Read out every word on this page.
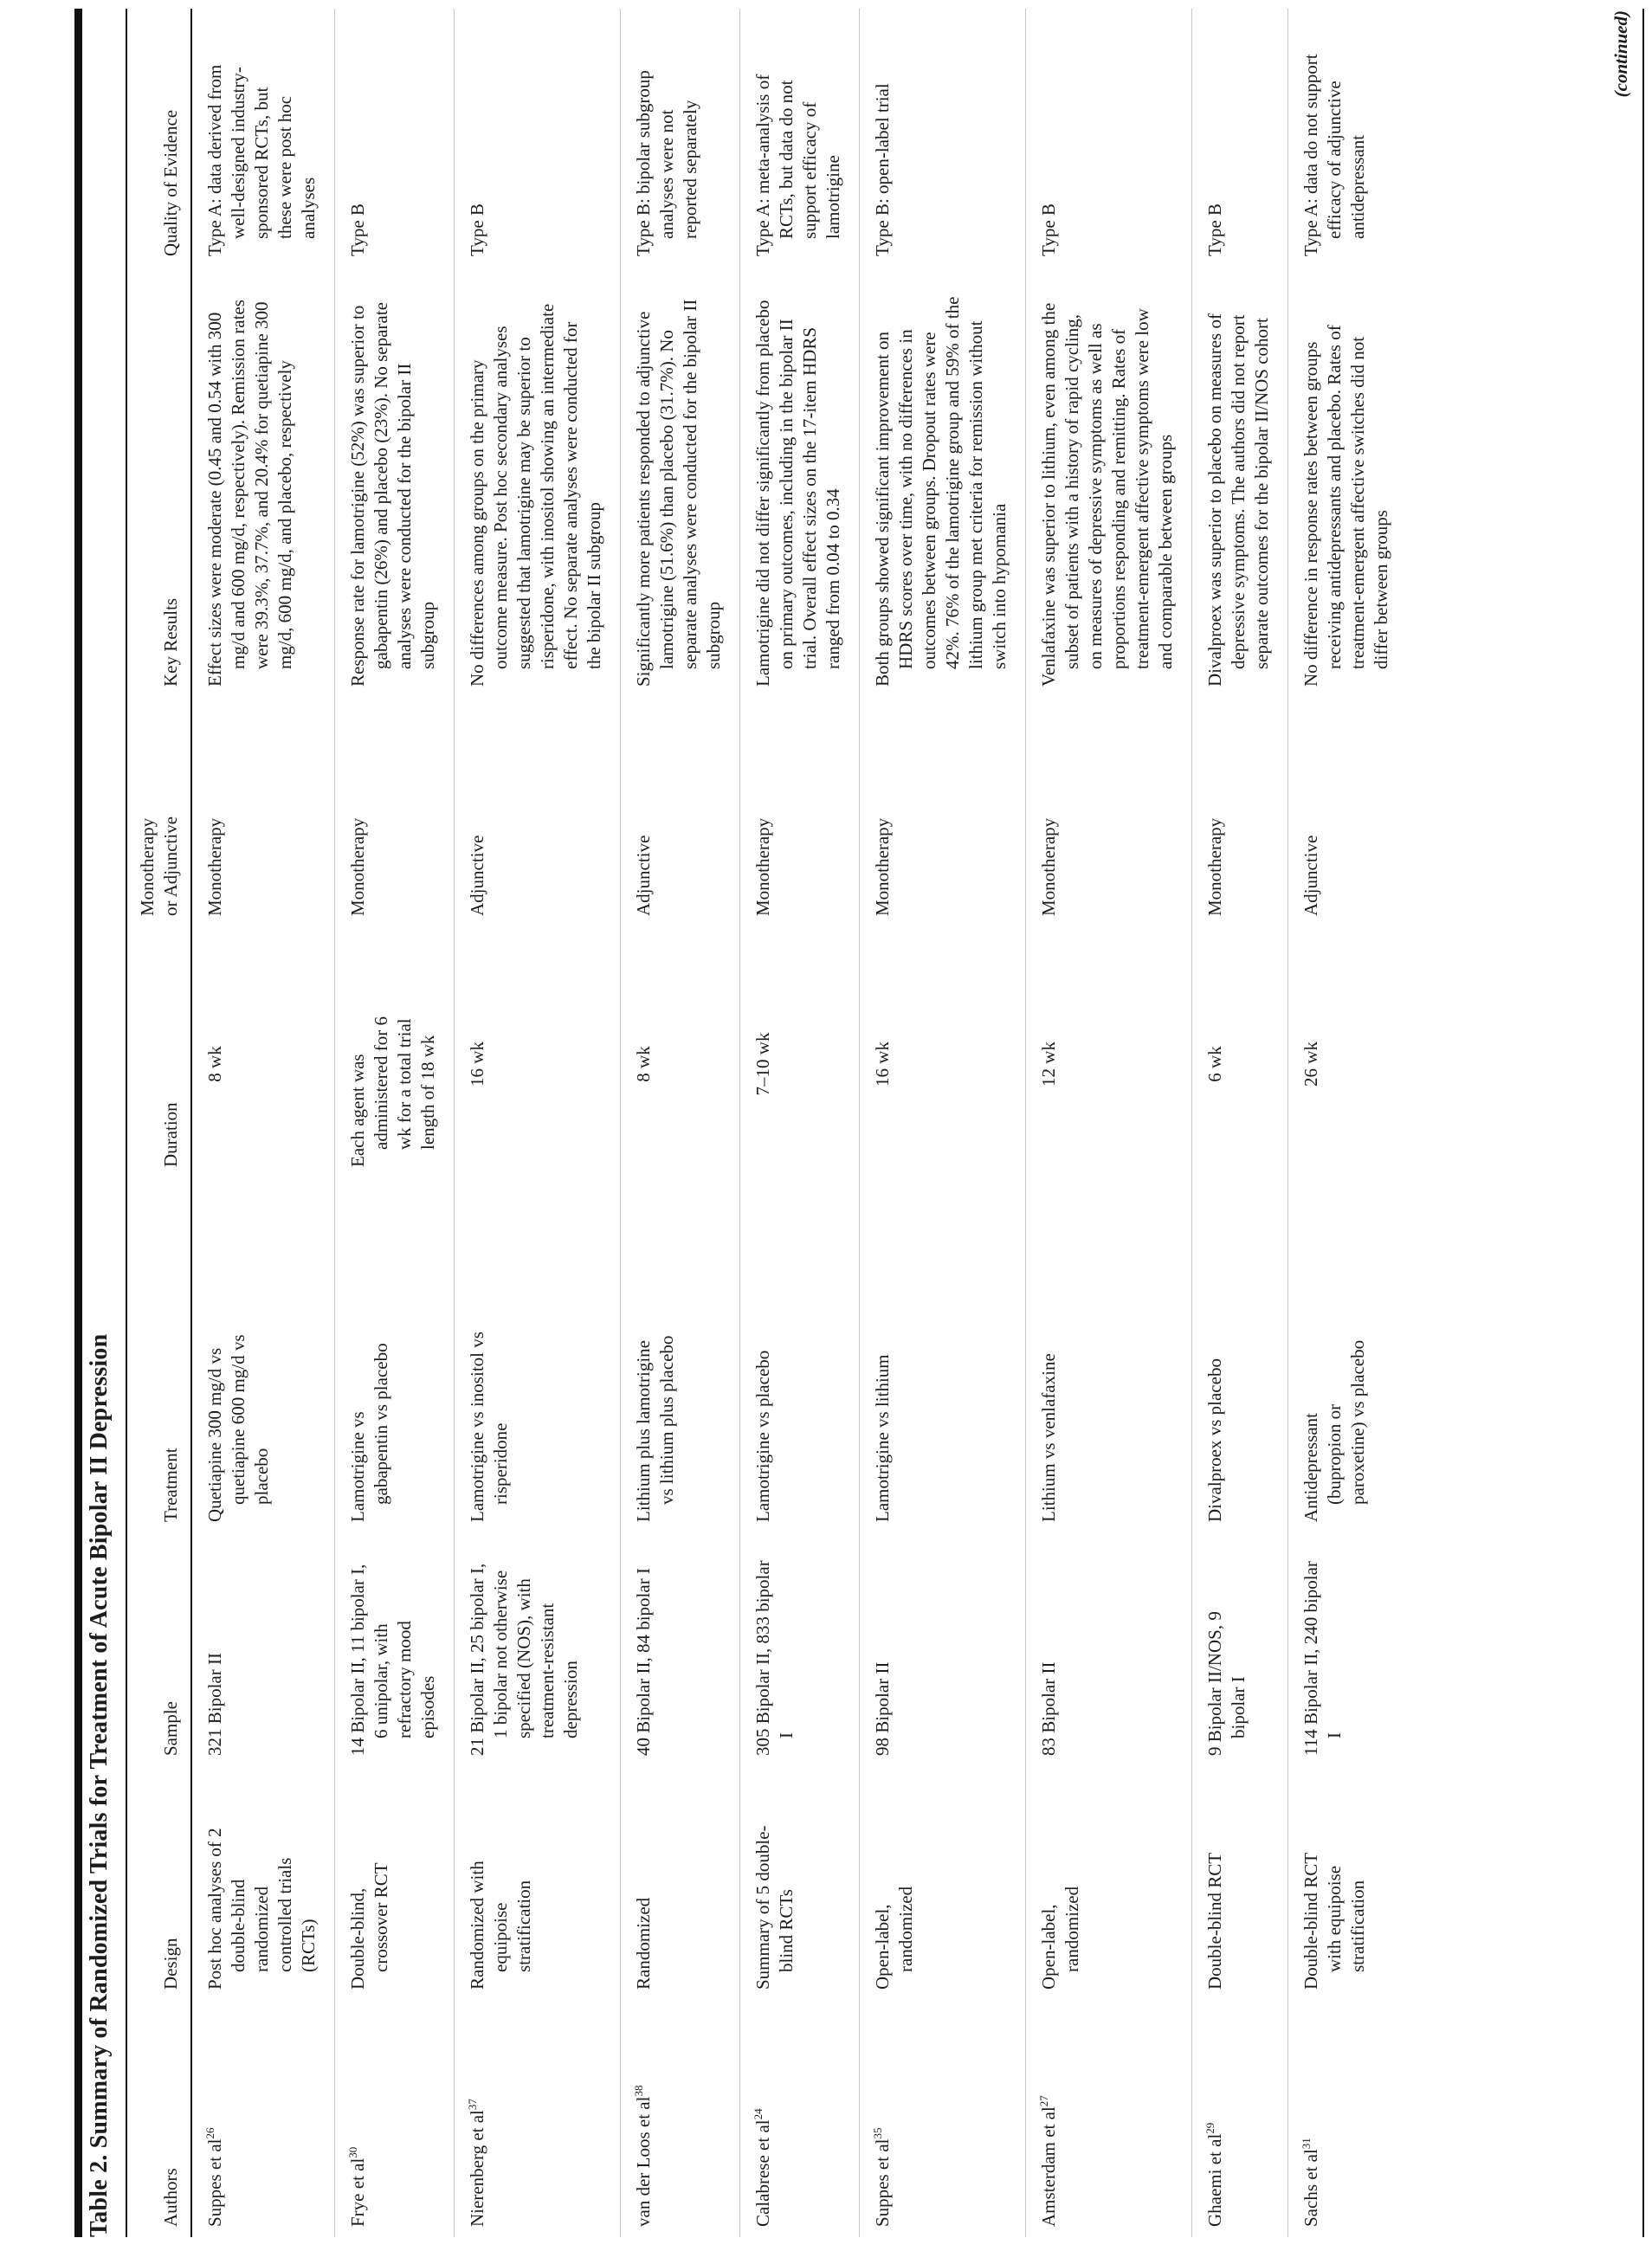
Table 2. Summary of Randomized Trials for Treatment of Acute Bipolar II Depression	Authors	Design	Sample	Treatment	Duration	Monotherapy or Adjunctive	Key Results	Quality of Evidence
Suppes et al$^{26}$	Post hoc analyses of 2 double-blind randomized controlled trials (RCTs)	321 Bipolar II	Quetiapine 300 mg/d vs quetiapine 600 mg/d vs placebo	8 wk	Monotherapy	Effect sizes were moderate (0.45 and 0.54 with 300 mg/d and 600 mg/d, respectively). Remission rates were 39.3%, 37.7%, and 20.4% for quetiapine 300 mg/d, 600 mg/d, and placebo, respectively	Type A: data derived from well-designed industry-sponsored RCTs, but these were post hoc analyses
Frye et al$^{30}$	Double-blind, crossover RCT	14 Bipolar II, 11 bipolar I, 6 unipolar, with refractory mood episodes	Lamotrigine vs gabapentin vs placebo	Each agent was administered for 6 wk for a total trial length of 18 wk	Monotherapy	Response rate for lamotrigine (52%) was superior to gabapentin (26%) and placebo (23%). No separate analyses were conducted for the bipolar II subgroup	Type B
Nierenberg et al$^{37}$	Randomized with equipoise stratification	21 Bipolar II, 25 bipolar I, 1 bipolar not otherwise specified (NOS), with treatment-resistant depression	Lamotrigine vs inositol vs risperidone	16 wk	Adjunctive	No differences among groups on the primary outcome measure. Post hoc secondary analyses suggested that lamotrigine may be superior to risperidone, with inositol showing an intermediate effect. No separate analyses were conducted for the bipolar II subgroup	Type B
van der Loos et al$^{38}$	Randomized	40 Bipolar II, 84 bipolar I	Lithium plus lamotrigine vs lithium plus placebo	8 wk	Adjunctive	Significantly more patients responded to adjunctive lamotrigine (51.6%) than placebo (31.7%). No separate analyses were conducted for the bipolar II subgroup	Type B: bipolar subgroup analyses were not reported separately
Calabrese et al$^{24}$	Summary of 5 double-blind RCTs	305 Bipolar II, 833 bipolar I	Lamotrigine vs placebo	7–10 wk	Monotherapy	Lamotrigine did not differ significantly from placebo on primary outcomes, including in the bipolar II trial. Overall effect sizes on the 17-item HDRS ranged from 0.04 to 0.34	Type A: meta-analysis of RCTs, but data do not support efficacy of lamotrigine
Suppes et al$^{35}$	Open-label, randomized	98 Bipolar II	Lamotrigine vs lithium	16 wk	Monotherapy	Both groups showed significant improvement on HDRS scores over time, with no differences in outcomes between groups. Dropout rates were 42%. 76% of the lamotrigine group and 59% of the lithium group met criteria for remission without switch into hypomania	Type B: open-label trial
Amsterdam et al$^{27}$	Open-label, randomized	83 Bipolar II	Lithium vs venlafaxine	12 wk	Monotherapy	Venlafaxine was superior to lithium, even among the subset of patients with a history of rapid cycling, on measures of depressive symptoms as well as proportions responding and remitting. Rates of treatment-emergent affective symptoms were low and comparable between groups	Type B
Ghaemi et al$^{29}$	Double-blind RCT	9 Bipolar II/NOS, 9 bipolar I	Divalproex vs placebo	6 wk	Monotherapy	Divalproex was superior to placebo on measures of depressive symptoms. The authors did not report separate outcomes for the bipolar II/NOS cohort	Type B
Sachs et al$^{31}$	Double-blind RCT with equipoise stratification	114 Bipolar II, 240 bipolar I	Antidepressant (bupropion or paroxetine) vs placebo	26 wk	Adjunctive	No difference in response rates between groups receiving antidepressants and placebo. Rates of treatment-emergent affective switches did not differ between groups	Type A: data do not support efficacy of adjunctive antidepressant
(continued)
